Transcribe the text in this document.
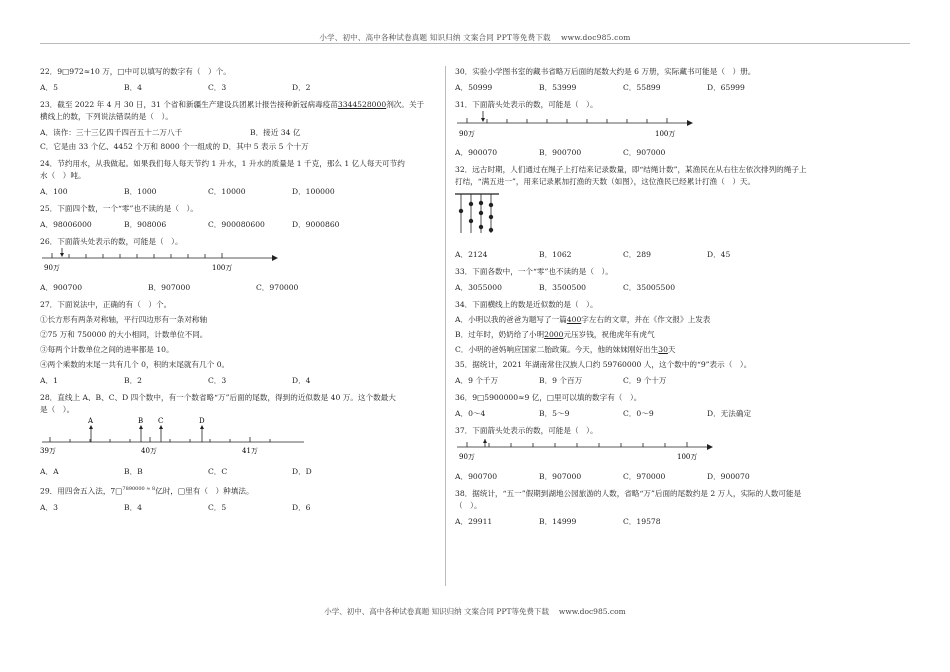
小学、初中、高中各种试卷真题 知识归纳 文案合同 PPT等免费下载　 www.doc985.com

22．9□972≈10 万，□中可以填写的数字有（　）个。

A．5	B．4	C．3	D．2

23．截至 2022 年 4 月 30 日，31 个省和新疆生产建设兵团累计报告接种新冠病毒疫苗3344528000剂次。关于

横线上的数，下列说法错误的是（　）。

A．读作：三十三亿四千四百五十二万八千	B．接近 34 亿
C．它是由 33 个亿、4452 个万和 8000 个一组成的 D．其中 5 表示 5 个十万

24．节约用水，从我做起。如果我们每人每天节约 1 升水，1 升水的质量是 1 千克，那么 1 亿人每天可节约

水（　）吨。

A．100	B．1000	C．10000	D．100000

25．下面四个数，一个“零”也不读的是（　）。

A．98006000	B．908006	C．900080600	D．9000860

26．下面箭头处表示的数，可能是（　）。

90万	100万
A．900700	B．907000	C．970000

27．下面说法中，正确的有（　）个。

①长方形有两条对称轴，平行四边形有一条对称轴

②75 万和 750000 的大小相同，计数单位不同。

③每两个计数单位之间的进率都是 10。

④两个乘数的末尾一共有几个 0，积的末尾就有几个 0。

A．1	B．2	C．3	D．4

28．直线上 A、B、C、D 四个数中，有一个数省略“万”后面的尾数，得到的近似数是 40 万。这个数最大

是（　）。

A	B C	D
39万	40万	41万
A．A	B．B	C．C	D．D

29．用四舍五入法，7□$^{7890000 \approx 8}$亿时，□里有（　）种填法。

A．3	B．4	C．5	D．6

30．实验小学图书室的藏书省略万后面的尾数大约是 6 万册，实际藏书可能是（　）册。

A．50999	B．53999	C．55899	D．65999

31．下面箭头处表示的数，可能是（　）。

90万	100万
A．900070	B．900700	C．907000

32．远古时期，人们通过在绳子上打结来记录数量，即“结绳计数”，某渔民在从右往左依次排列的绳子上

打结，“满五进一”，用来记录累加打渔的天数（如图），这位渔民已经累计打渔（　）天。

A．2124	B．1062	C．289	D．45

33．下面各数中，一个“零”也不读的是（　）。

A．3055000	B．3500500	C．35005500

34．下面横线上的数是近似数的是（　）。

A．小明以我的爸爸为题写了一篇400字左右的文章，并在《作文报》上发表

B．过年时，奶奶给了小明2000元压岁钱，祝他虎年有虎气

C．小明的爸妈响应国家二胎政策。今天，他的妹妹刚好出生30天

35．据统计，2021 年湖南常住汉族人口约 59760000 人，这个数中的“9”表示（　）。

A．9 个千万	B．9 个百万	C．9 个十万

36．9□5900000≈9 亿，□里可以填的数字有（　）。

A．0～4	B．5～9	C．0～9	D．无法确定

37．下面箭头处表示的数，可能是（　）。

90万	100万
A．900700	B．907000	C．970000	D．900070

38．据统计，“五一”假期到湖地公园旅游的人数，省略“万”后面的尾数约是 2 万人，实际的人数可能是

（　）。

A．29911	B．14999	C．19578
小学、初中、高中各种试卷真题 知识归纳 文案合同 PPT等免费下载　 www.doc985.com
